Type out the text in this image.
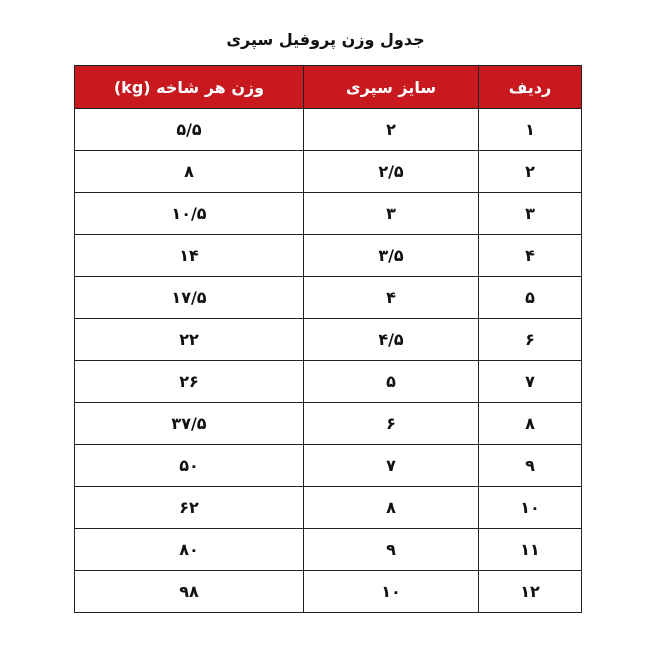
جدول وزن پروفیل سپری
ردیف	سایز سپری	وزن هر شاخه (kg)
۱	۲	۵/۵
۲	۲/۵	۸
۳	۳	۱۰/۵
۴	۳/۵	۱۴
۵	۴	۱۷/۵
۶	۴/۵	۲۲
۷	۵	۲۶
۸	۶	۳۷/۵
۹	۷	۵۰
۱۰	۸	۶۲
۱۱	۹	۸۰
۱۲	۱۰	۹۸
